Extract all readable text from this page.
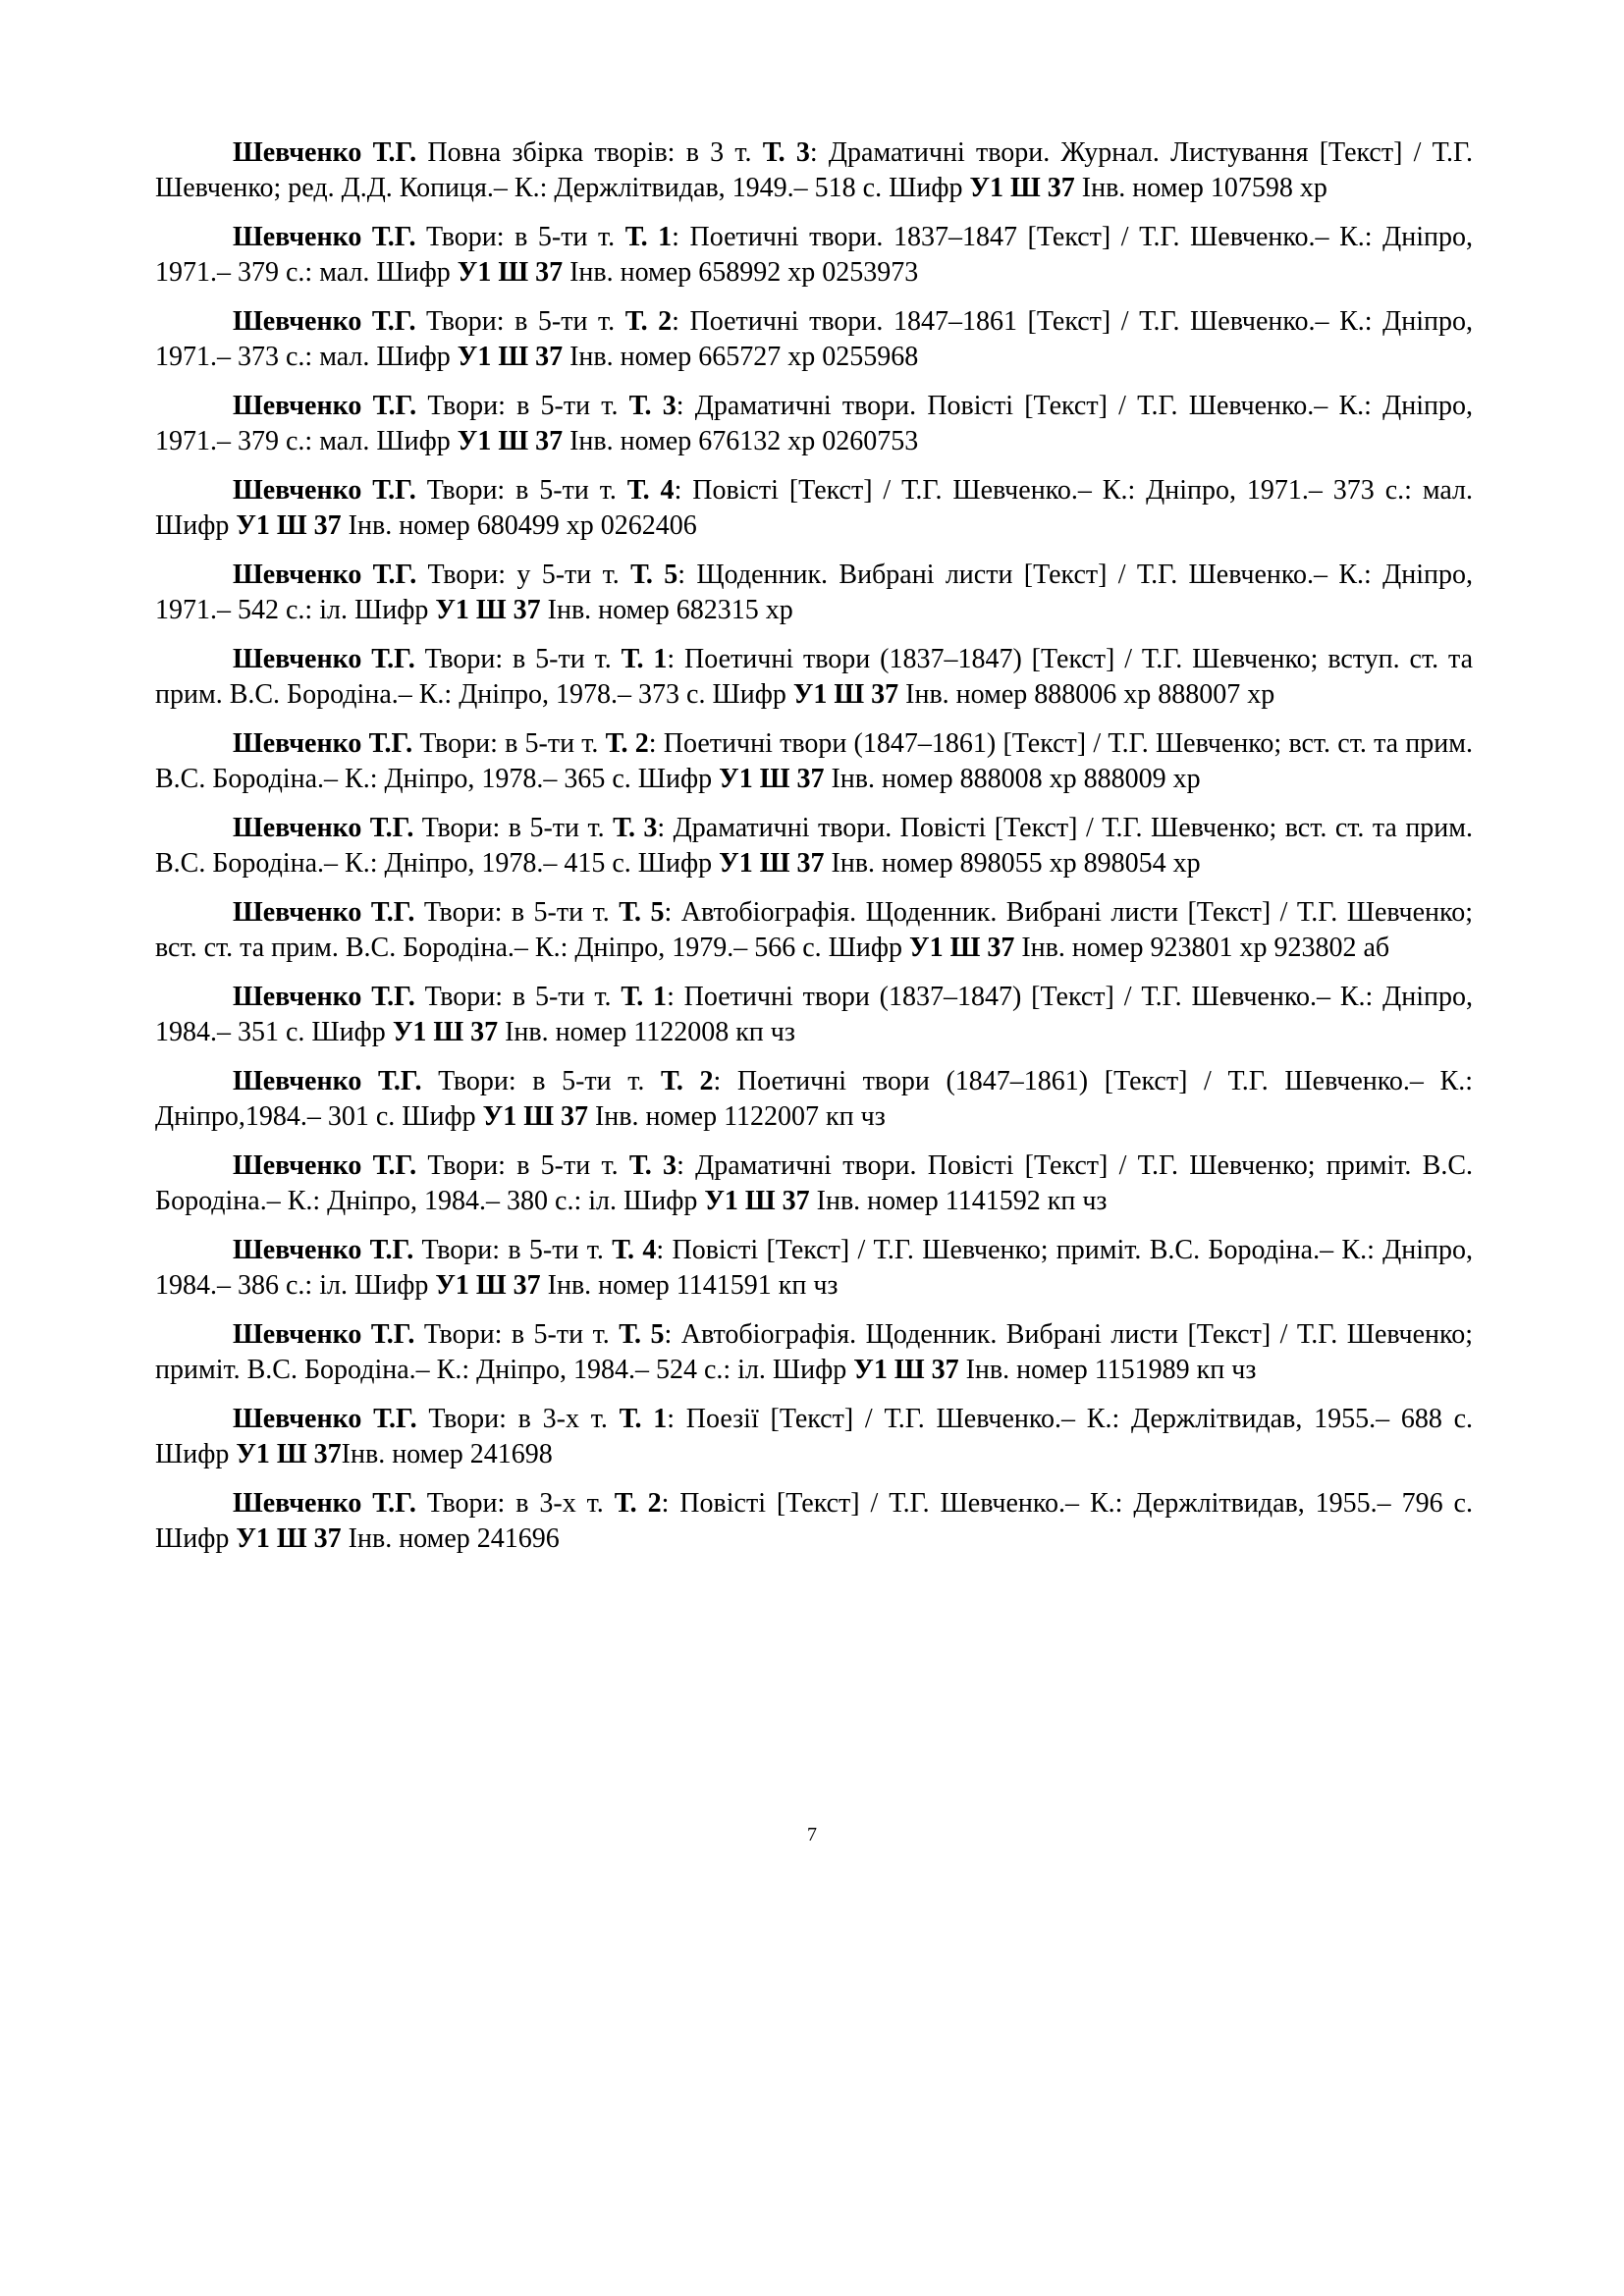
Шевченко Т.Г. Повна збірка творів: в 3 т. Т. 3: Драматичні твори. Журнал. Листування [Текст] / Т.Г. Шевченко; ред. Д.Д. Копиця.– К.: Держлітвидав, 1949.– 518 с. Шифр У1 Ш 37 Інв. номер 107598 хр

Шевченко Т.Г. Твори: в 5-ти т. Т. 1: Поетичні твори. 1837–1847 [Текст] / Т.Г. Шевченко.– К.: Дніпро, 1971.– 379 с.: мал. Шифр У1 Ш 37 Інв. номер 658992 хр 0253973

Шевченко Т.Г. Твори: в 5-ти т. Т. 2: Поетичні твори. 1847–1861 [Текст] / Т.Г. Шевченко.– К.: Дніпро, 1971.– 373 с.: мал. Шифр У1 Ш 37 Інв. номер 665727 хр 0255968

Шевченко Т.Г. Твори: в 5-ти т. Т. 3: Драматичні твори. Повісті [Текст] / Т.Г. Шевченко.– К.: Дніпро, 1971.– 379 с.: мал. Шифр У1 Ш 37 Інв. номер 676132 хр 0260753

Шевченко Т.Г. Твори: в 5-ти т. Т. 4: Повісті [Текст] / Т.Г. Шевченко.– К.: Дніпро, 1971.– 373 с.: мал. Шифр У1 Ш 37 Інв. номер 680499 хр 0262406

Шевченко Т.Г. Твори: у 5-ти т. Т. 5: Щоденник. Вибрані листи [Текст] / Т.Г. Шевченко.– К.: Дніпро, 1971.– 542 с.: іл. Шифр У1 Ш 37 Інв. номер 682315 хр

Шевченко Т.Г. Твори: в 5-ти т. Т. 1: Поетичні твори (1837–1847) [Текст] / Т.Г. Шевченко; вступ. ст. та прим. В.С. Бородіна.– К.: Дніпро, 1978.– 373 с. Шифр У1 Ш 37 Інв. номер 888006 хр 888007 хр

Шевченко Т.Г. Твори: в 5-ти т. Т. 2: Поетичні твори (1847–1861) [Текст] / Т.Г. Шевченко; вст. ст. та прим. В.С. Бородіна.– К.: Дніпро, 1978.– 365 с. Шифр У1 Ш 37 Інв. номер 888008 хр 888009 хр

Шевченко Т.Г. Твори: в 5-ти т. Т. 3: Драматичні твори. Повісті [Текст] / Т.Г. Шевченко; вст. ст. та прим. В.С. Бородіна.– К.: Дніпро, 1978.– 415 с. Шифр У1 Ш 37 Інв. номер 898055 хр 898054 хр

Шевченко Т.Г. Твори: в 5-ти т. Т. 5: Автобіографія. Щоденник. Вибрані листи [Текст] / Т.Г. Шевченко; вст. ст. та прим. В.С. Бородіна.– К.: Дніпро, 1979.– 566 с. Шифр У1 Ш 37 Інв. номер 923801 хр 923802 аб

Шевченко Т.Г. Твори: в 5-ти т. Т. 1: Поетичні твори (1837–1847) [Текст] / Т.Г. Шевченко.– К.: Дніпро, 1984.– 351 с. Шифр У1 Ш 37 Інв. номер 1122008 кп чз

Шевченко Т.Г. Твори: в 5-ти т. Т. 2: Поетичні твори (1847–1861) [Текст] / Т.Г. Шевченко.– К.: Дніпро,1984.– 301 с. Шифр У1 Ш 37 Інв. номер 1122007 кп чз

Шевченко Т.Г. Твори: в 5-ти т. Т. 3: Драматичні твори. Повісті [Текст] / Т.Г. Шевченко; приміт. В.С. Бородіна.– К.: Дніпро, 1984.– 380 с.: іл. Шифр У1 Ш 37 Інв. номер 1141592 кп чз

Шевченко Т.Г. Твори: в 5-ти т. Т. 4: Повісті [Текст] / Т.Г. Шевченко; приміт. В.С. Бородіна.– К.: Дніпро, 1984.– 386 с.: іл. Шифр У1 Ш 37 Інв. номер 1141591 кп чз

Шевченко Т.Г. Твори: в 5-ти т. Т. 5: Автобіографія. Щоденник. Вибрані листи [Текст] / Т.Г. Шевченко; приміт. В.С. Бородіна.– К.: Дніпро, 1984.– 524 с.: іл. Шифр У1 Ш 37 Інв. номер 1151989 кп чз

Шевченко Т.Г. Твори: в 3-х т. Т. 1: Поезії [Текст] / Т.Г. Шевченко.– К.: Держлітвидав, 1955.– 688 с. Шифр У1 Ш 37Інв. номер 241698

Шевченко Т.Г. Твори: в 3-х т. Т. 2: Повісті [Текст] / Т.Г. Шевченко.– К.: Держлітвидав, 1955.– 796 с. Шифр У1 Ш 37 Інв. номер 241696

7
